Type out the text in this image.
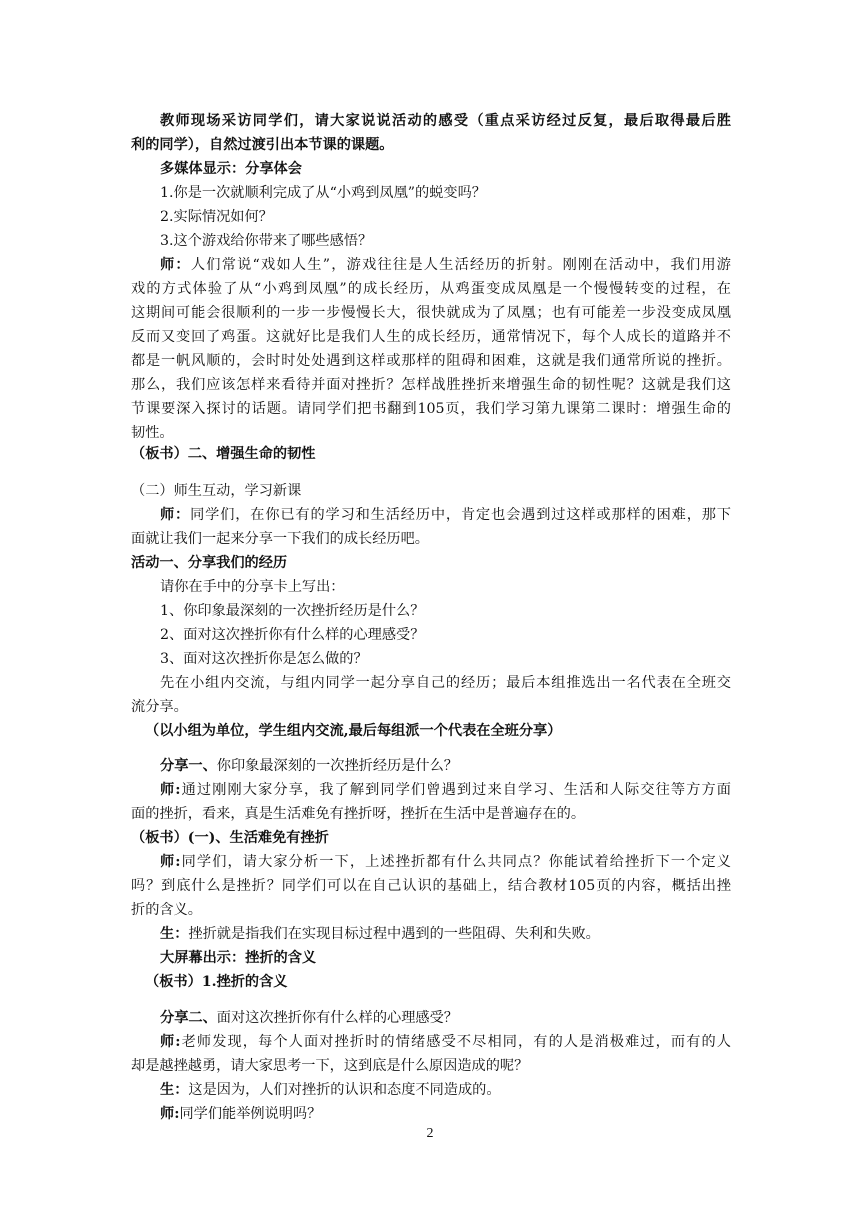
教师现场采访同学们，请大家说说活动的感受（重点采访经过反复，最后取得最后胜
利的同学），自然过渡引出本节课的课题。
多媒体显示：分享体会
1.你是一次就顺利完成了从“小鸡到凤凰”的蜕变吗？
2.实际情况如何？
3.这个游戏给你带来了哪些感悟？
师：人们常说“戏如人生”，游戏往往是人生活经历的折射。刚刚在活动中，我们用游
戏的方式体验了从“小鸡到凤凰”的成长经历，从鸡蛋变成凤凰是一个慢慢转变的过程，在
这期间可能会很顺利的一步一步慢慢长大，很快就成为了凤凰；也有可能差一步没变成凤凰
反而又变回了鸡蛋。这就好比是我们人生的成长经历，通常情况下，每个人成长的道路并不
都是一帆风顺的，会时时处处遇到这样或那样的阻碍和困难，这就是我们通常所说的挫折。
那么，我们应该怎样来看待并面对挫折？怎样战胜挫折来增强生命的韧性呢？这就是我们这
节课要深入探讨的话题。请同学们把书翻到105页，我们学习第九课第二课时：增强生命的
韧性。
（板书）二、增强生命的韧性
（二）师生互动，学习新课
师：同学们，在你已有的学习和生活经历中，肯定也会遇到过这样或那样的困难，那下
面就让我们一起来分享一下我们的成长经历吧。
活动一、分享我们的经历
请你在手中的分享卡上写出：
1、你印象最深刻的一次挫折经历是什么？
2、面对这次挫折你有什么样的心理感受？
3、面对这次挫折你是怎么做的？
先在小组内交流，与组内同学一起分享自己的经历；最后本组推选出一名代表在全班交
流分享。
（以小组为单位，学生组内交流,最后每组派一个代表在全班分享）
分享一、你印象最深刻的一次挫折经历是什么？
师:通过刚刚大家分享，我了解到同学们曾遇到过来自学习、生活和人际交往等方方面
面的挫折，看来，真是生活难免有挫折呀，挫折在生活中是普遍存在的。
（板书）(一)、生活难免有挫折
师:同学们，请大家分析一下，上述挫折都有什么共同点？你能试着给挫折下一个定义
吗？到底什么是挫折？同学们可以在自己认识的基础上，结合教材105页的内容，概括出挫
折的含义。
生：挫折就是指我们在实现目标过程中遇到的一些阻碍、失利和失败。
大屏幕出示：挫折的含义
（板书）1.挫折的含义
分享二、面对这次挫折你有什么样的心理感受？
师:老师发现，每个人面对挫折时的情绪感受不尽相同，有的人是消极难过，而有的人
却是越挫越勇，请大家思考一下，这到底是什么原因造成的呢？
生：这是因为，人们对挫折的认识和态度不同造成的。
师:同学们能举例说明吗？
2
